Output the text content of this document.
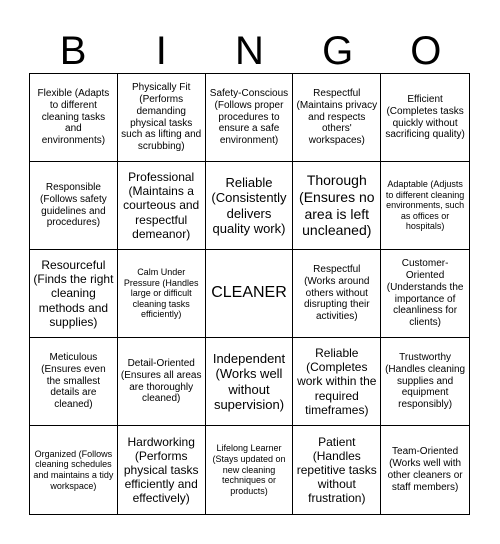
B	I	N	G	O
Flexible (Adapts to different cleaning tasks and environments)
Physically Fit (Performs demanding physical tasks such as lifting and scrubbing)
Safety-Conscious (Follows proper procedures to ensure a safe environment)
Respectful (Maintains privacy and respects others' workspaces)
Efficient (Completes tasks quickly without sacrificing quality)
Responsible (Follows safety guidelines and procedures)
Professional (Maintains a courteous and respectful demeanor)
Reliable (Consistently delivers quality work)
Thorough (Ensures no area is left uncleaned)
Adaptable (Adjusts to different cleaning environments, such as offices or hospitals)
Resourceful (Finds the right cleaning methods and supplies)
Calm Under Pressure (Handles large or difficult cleaning tasks efficiently)
CLEANER
Respectful (Works around others without disrupting their activities)
Customer-Oriented (Understands the importance of cleanliness for clients)
Meticulous (Ensures even the smallest details are cleaned)
Detail-Oriented (Ensures all areas are thoroughly cleaned)
Independent (Works well without supervision)
Reliable (Completes work within the required timeframes)
Trustworthy (Handles cleaning supplies and equipment responsibly)
Organized (Follows cleaning schedules and maintains a tidy workspace)
Hardworking (Performs physical tasks efficiently and effectively)
Lifelong Learner (Stays updated on new cleaning techniques or products)
Patient (Handles repetitive tasks without frustration)
Team-Oriented (Works well with other cleaners or staff members)
